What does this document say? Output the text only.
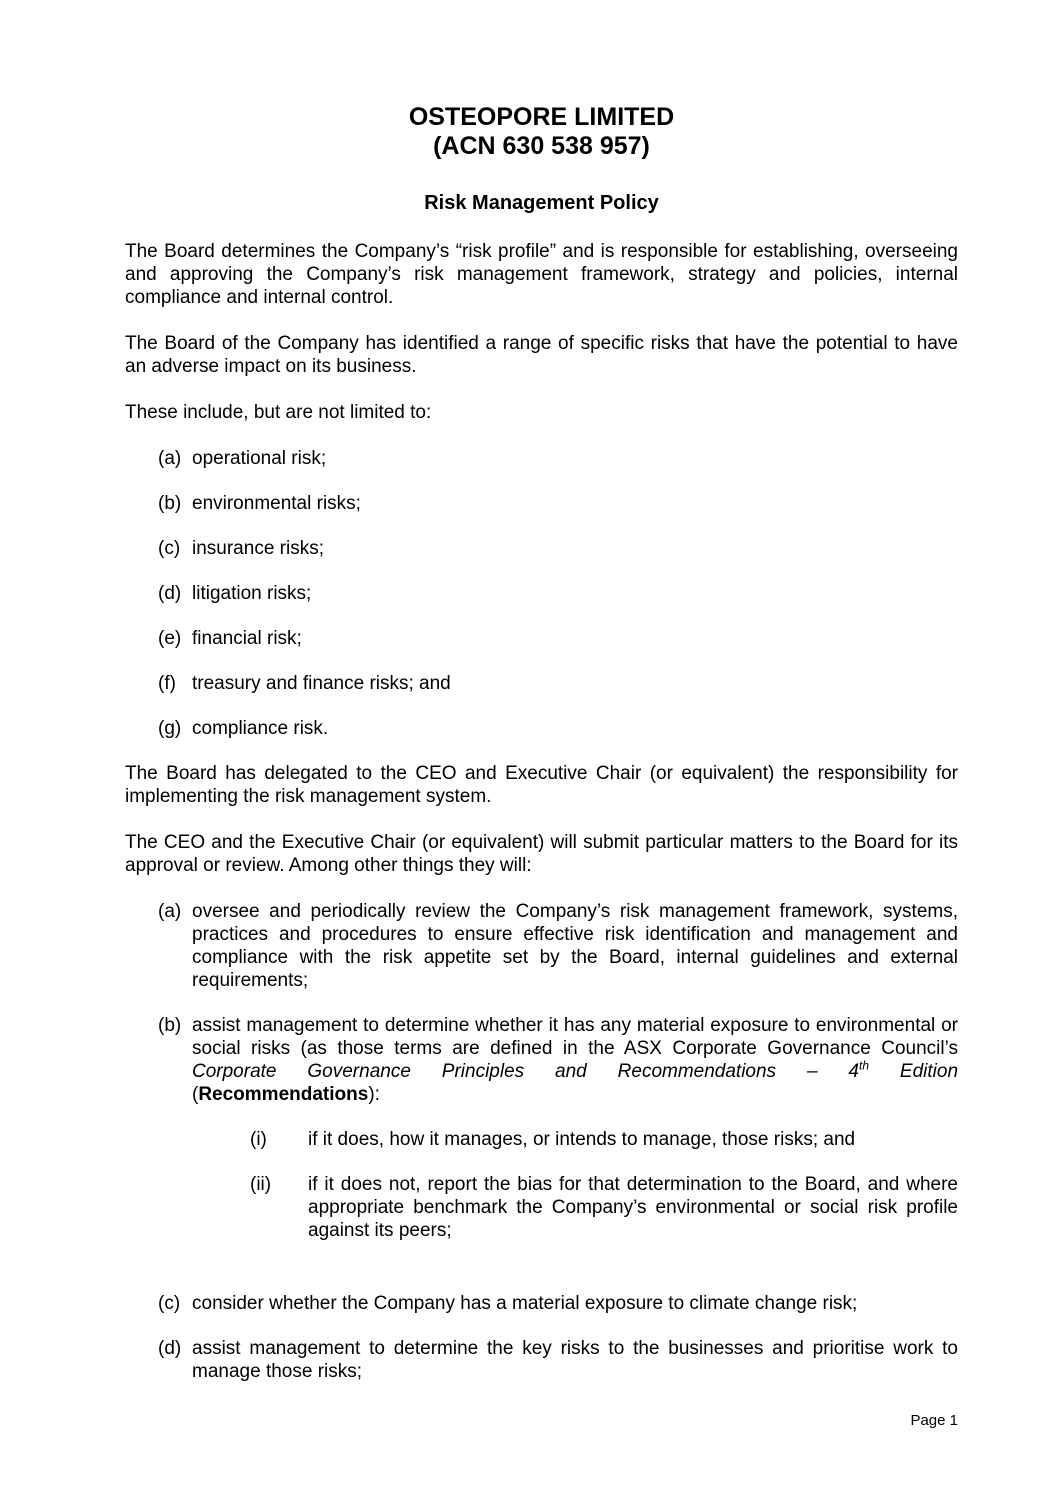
OSTEOPORE LIMITED
(ACN 630 538 957)
Risk Management Policy

The Board determines the Company’s “risk profile” and is responsible for establishing, overseeing and approving the Company’s risk management framework, strategy and policies, internal compliance and internal control.

The Board of the Company has identified a range of specific risks that have the potential to have an adverse impact on its business.

These include, but are not limited to:

(a) operational risk;
(b) environmental risks;
(c) insurance risks;
(d) litigation risks;
(e) financial risk;
(f) treasury and finance risks; and
(g) compliance risk.

The Board has delegated to the CEO and Executive Chair (or equivalent) the responsibility for implementing the risk management system.

The CEO and the Executive Chair (or equivalent) will submit particular matters to the Board for its approval or review. Among other things they will:

(a) oversee and periodically review the Company’s risk management framework, systems, practices and procedures to ensure effective risk identification and management and compliance with the risk appetite set by the Board, internal guidelines and external requirements;
(b) assist management to determine whether it has any material exposure to environmental or social risks (as those terms are defined in the ASX Corporate Governance Council’s Corporate Governance Principles and Recommendations – 4th Edition (Recommendations):
(i) if it does, how it manages, or intends to manage, those risks; and
(ii) if it does not, report the bias for that determination to the Board, and where appropriate benchmark the Company’s environmental or social risk profile against its peers;
(c) consider whether the Company has a material exposure to climate change risk;
(d) assist management to determine the key risks to the businesses and prioritise work to manage those risks;
Page 1
